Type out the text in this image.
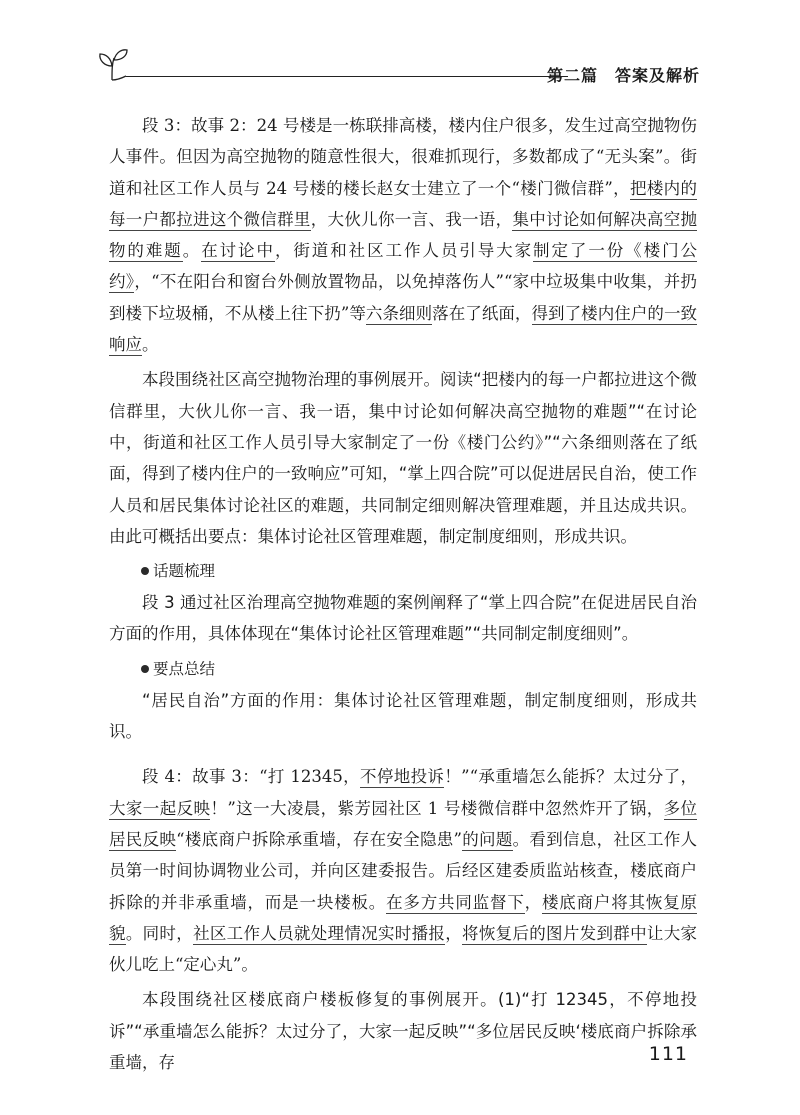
第二篇　答案及解析

段 3：故事 2：24 号楼是一栋联排高楼，楼内住户很多，发生过高空抛物伤人事件。但因为高空抛物的随意性很大，很难抓现行，多数都成了“无头案”。街道和社区工作人员与 24 号楼的楼长赵女士建立了一个“楼门微信群”，把楼内的每一户都拉进这个微信群里，大伙儿你一言、我一语，集中讨论如何解决高空抛物的难题。在讨论中，街道和社区工作人员引导大家制定了一份《楼门公约》，“不在阳台和窗台外侧放置物品，以免掉落伤人”“家中垃圾集中收集，并扔到楼下垃圾桶，不从楼上往下扔”等六条细则落在了纸面，得到了楼内住户的一致响应。

本段围绕社区高空抛物治理的事例展开。阅读“把楼内的每一户都拉进这个微信群里，大伙儿你一言、我一语，集中讨论如何解决高空抛物的难题”“在讨论中，街道和社区工作人员引导大家制定了一份《楼门公约》”“六条细则落在了纸面，得到了楼内住户的一致响应”可知，“掌上四合院”可以促进居民自治，使工作人员和居民集体讨论社区的难题，共同制定细则解决管理难题，并且达成共识。由此可概括出要点：集体讨论社区管理难题，制定制度细则，形成共识。

话题梳理

段 3 通过社区治理高空抛物难题的案例阐释了“掌上四合院”在促进居民自治方面的作用，具体体现在“集体讨论社区管理难题”“共同制定制度细则”。

要点总结

“居民自治”方面的作用：集体讨论社区管理难题，制定制度细则，形成共识。

段 4：故事 3：“打 12345，不停地投诉！”“承重墙怎么能拆？太过分了，大家一起反映！”这一大凌晨，紫芳园社区 1 号楼微信群中忽然炸开了锅，多位居民反映“楼底商户拆除承重墙，存在安全隐患”的问题。看到信息，社区工作人员第一时间协调物业公司，并向区建委报告。后经区建委质监站核查，楼底商户拆除的并非承重墙，而是一块楼板。在多方共同监督下，楼底商户将其恢复原貌。同时，社区工作人员就处理情况实时播报，将恢复后的图片发到群中让大家伙儿吃上“定心丸”。

本段围绕社区楼底商户楼板修复的事例展开。(1)“打 12345，不停地投诉”“承重墙怎么能拆？太过分了，大家一起反映”“多位居民反映‘楼底商户拆除承重墙，存	111
